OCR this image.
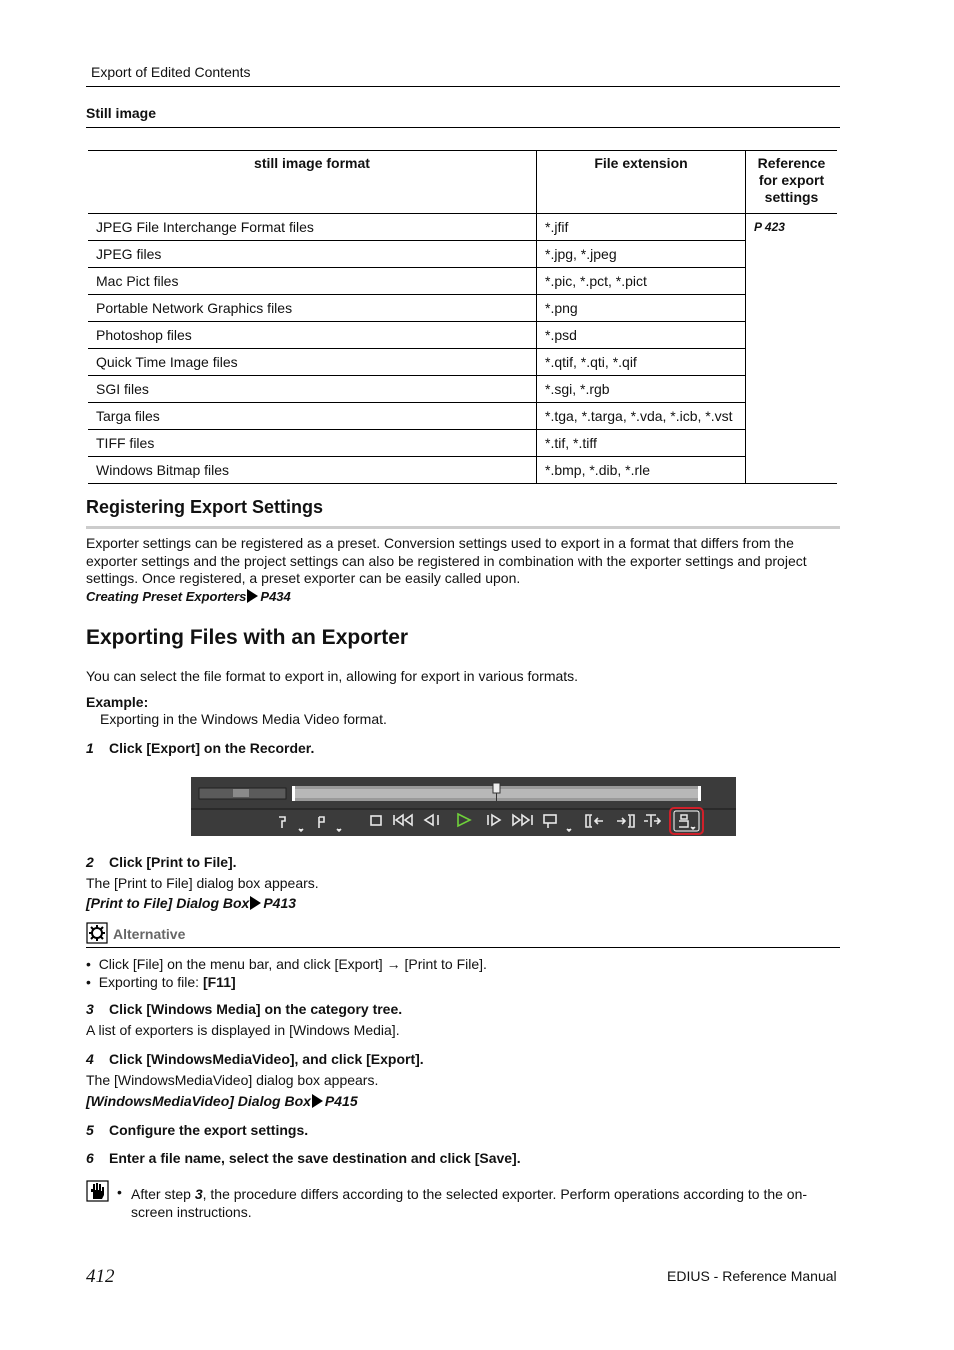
Export of Edited Contents
Still image
still image format	File extension	Reference for export settings
JPEG File Interchange Format files	*.jfif	P 423
JPEG files	*.jpg, *.jpeg	
Mac Pict files	*.pic, *.pct, *.pict	
Portable Network Graphics files	*.png	
Photoshop files	*.psd	
Quick Time Image files	*.qtif, *.qti, *.qif	
SGI files	*.sgi, *.rgb	
Targa files	*.tga, *.targa, *.vda, *.icb, *.vst	
TIFF files	*.tif, *.tiff	
Windows Bitmap files	*.bmp, *.dib, *.rle	
Registering Export Settings
Exporter settings can be registered as a preset. Conversion settings used to export in a format that differs from the exporter settings and the project settings can also be registered in combination with the exporter settings and project settings. Once registered, a preset exporter can be easily called upon.
Creating Preset Exporters P434
Exporting Files with an Exporter
You can select the file format to export in, allowing for export in various formats.
Example:
Exporting in the Windows Media Video format.
1 Click [Export] on the Recorder.
2 Click [Print to File].
The [Print to File] dialog box appears.
[Print to File] Dialog Box P413
Alternative
•  Click [File] on the menu bar, and click [Export] → [Print to File].
•  Exporting to file: [F11]
3 Click [Windows Media] on the category tree.
A list of exporters is displayed in [Windows Media].
4 Click [WindowsMediaVideo], and click [Export].
The [WindowsMediaVideo] dialog box appears.
[WindowsMediaVideo] Dialog Box P415
5 Configure the export settings.
6 Enter a file name, select the save destination and click [Save].
• After step 3, the procedure differs according to the selected exporter. Perform operations according to the on-screen instructions.
412	EDIUS - Reference Manual
